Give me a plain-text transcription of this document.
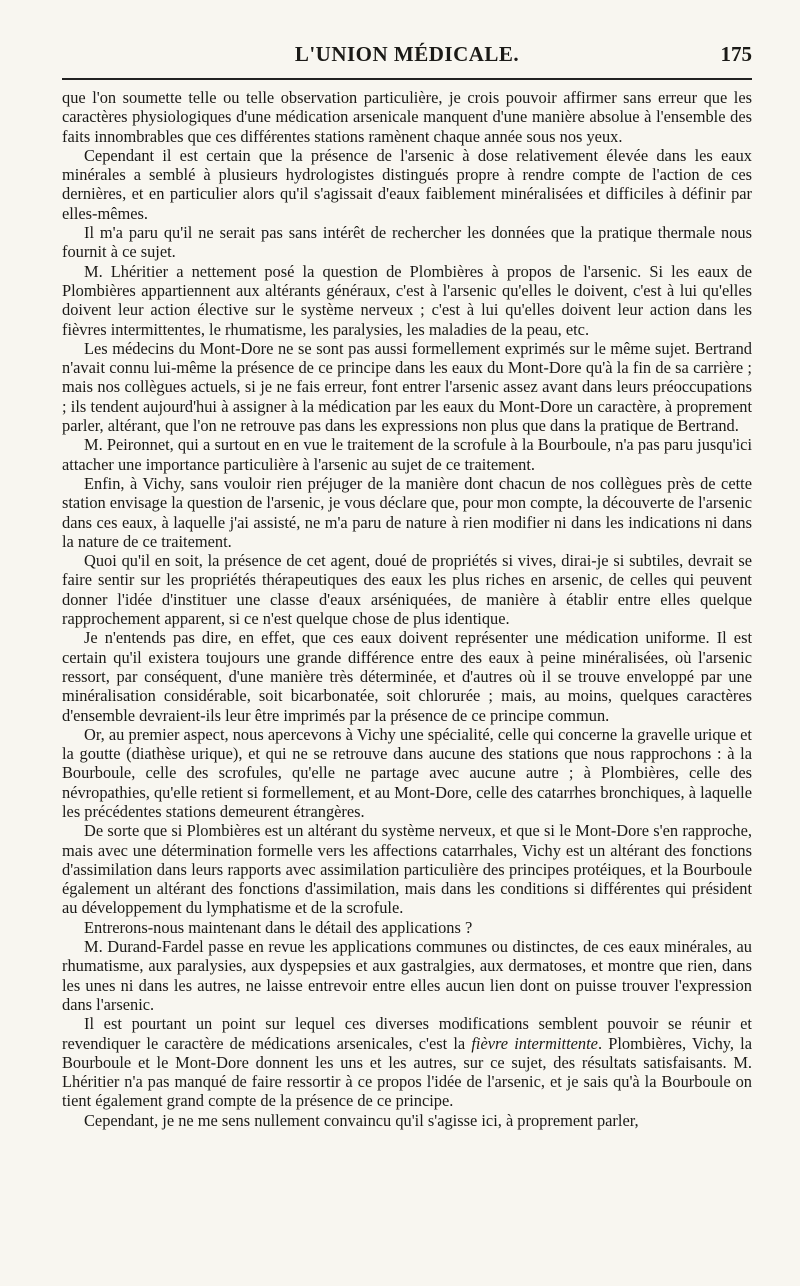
L'UNION MÉDICALE.	175

que l'on soumette telle ou telle observation particulière, je crois pouvoir affirmer sans erreur que les caractères physiologiques d'une médication arsenicale manquent d'une manière absolue à l'ensemble des faits innombrables que ces différentes stations ramènent chaque année sous nos yeux.

Cependant il est certain que la présence de l'arsenic à dose relativement élevée dans les eaux minérales a semblé à plusieurs hydrologistes distingués propre à rendre compte de l'action de ces dernières, et en particulier alors qu'il s'agissait d'eaux faiblement minéralisées et difficiles à définir par elles-mêmes.

Il m'a paru qu'il ne serait pas sans intérêt de rechercher les données que la pratique thermale nous fournit à ce sujet.

M. Lhéritier a nettement posé la question de Plombières à propos de l'arsenic. Si les eaux de Plombières appartiennent aux altérants généraux, c'est à l'arsenic qu'elles le doivent, c'est à lui qu'elles doivent leur action élective sur le système nerveux ; c'est à lui qu'elles doivent leur action dans les fièvres intermittentes, le rhumatisme, les paralysies, les maladies de la peau, etc.

Les médecins du Mont-Dore ne se sont pas aussi formellement exprimés sur le même sujet. Bertrand n'avait connu lui-même la présence de ce principe dans les eaux du Mont-Dore qu'à la fin de sa carrière ; mais nos collègues actuels, si je ne fais erreur, font entrer l'arsenic assez avant dans leurs préoccupations ; ils tendent aujourd'hui à assigner à la médication par les eaux du Mont-Dore un caractère, à proprement parler, altérant, que l'on ne retrouve pas dans les expressions non plus que dans la pratique de Bertrand.

M. Peironnet, qui a surtout en en vue le traitement de la scrofule à la Bourboule, n'a pas paru jusqu'ici attacher une importance particulière à l'arsenic au sujet de ce traitement.

Enfin, à Vichy, sans vouloir rien préjuger de la manière dont chacun de nos collègues près de cette station envisage la question de l'arsenic, je vous déclare que, pour mon compte, la découverte de l'arsenic dans ces eaux, à laquelle j'ai assisté, ne m'a paru de nature à rien modifier ni dans les indications ni dans la nature de ce traitement.

Quoi qu'il en soit, la présence de cet agent, doué de propriétés si vives, dirai-je si subtiles, devrait se faire sentir sur les propriétés thérapeutiques des eaux les plus riches en arsenic, de celles qui peuvent donner l'idée d'instituer une classe d'eaux arséniquées, de manière à établir entre elles quelque rapprochement apparent, si ce n'est quelque chose de plus identique.

Je n'entends pas dire, en effet, que ces eaux doivent représenter une médication uniforme. Il est certain qu'il existera toujours une grande différence entre des eaux à peine minéralisées, où l'arsenic ressort, par conséquent, d'une manière très déterminée, et d'autres où il se trouve enveloppé par une minéralisation considérable, soit bicarbonatée, soit chlorurée ; mais, au moins, quelques caractères d'ensemble devraient-ils leur être imprimés par la présence de ce principe commun.

Or, au premier aspect, nous apercevons à Vichy une spécialité, celle qui concerne la gravelle urique et la goutte (diathèse urique), et qui ne se retrouve dans aucune des stations que nous rapprochons : à la Bourboule, celle des scrofules, qu'elle ne partage avec aucune autre ; à Plombières, celle des névropathies, qu'elle retient si formellement, et au Mont-Dore, celle des catarrhes bronchiques, à laquelle les précédentes stations demeurent étrangères.

De sorte que si Plombières est un altérant du système nerveux, et que si le Mont-Dore s'en rapproche, mais avec une détermination formelle vers les affections catarrhales, Vichy est un altérant des fonctions d'assimilation dans leurs rapports avec assimilation particulière des principes protéiques, et la Bourboule également un altérant des fonctions d'assimilation, mais dans les conditions si différentes qui président au développement du lymphatisme et de la scrofule.

Entrerons-nous maintenant dans le détail des applications ?

M. Durand-Fardel passe en revue les applications communes ou distinctes, de ces eaux minérales, au rhumatisme, aux paralysies, aux dyspepsies et aux gastralgies, aux dermatoses, et montre que rien, dans les unes ni dans les autres, ne laisse entrevoir entre elles aucun lien dont on puisse trouver l'expression dans l'arsenic.

Il est pourtant un point sur lequel ces diverses modifications semblent pouvoir se réunir et revendiquer le caractère de médications arsenicales, c'est la fièvre intermittente. Plombières, Vichy, la Bourboule et le Mont-Dore donnent les uns et les autres, sur ce sujet, des résultats satisfaisants. M. Lhéritier n'a pas manqué de faire ressortir à ce propos l'idée de l'arsenic, et je sais qu'à la Bourboule on tient également grand compte de la présence de ce principe.

Cependant, je ne me sens nullement convaincu qu'il s'agisse ici, à proprement parler,
